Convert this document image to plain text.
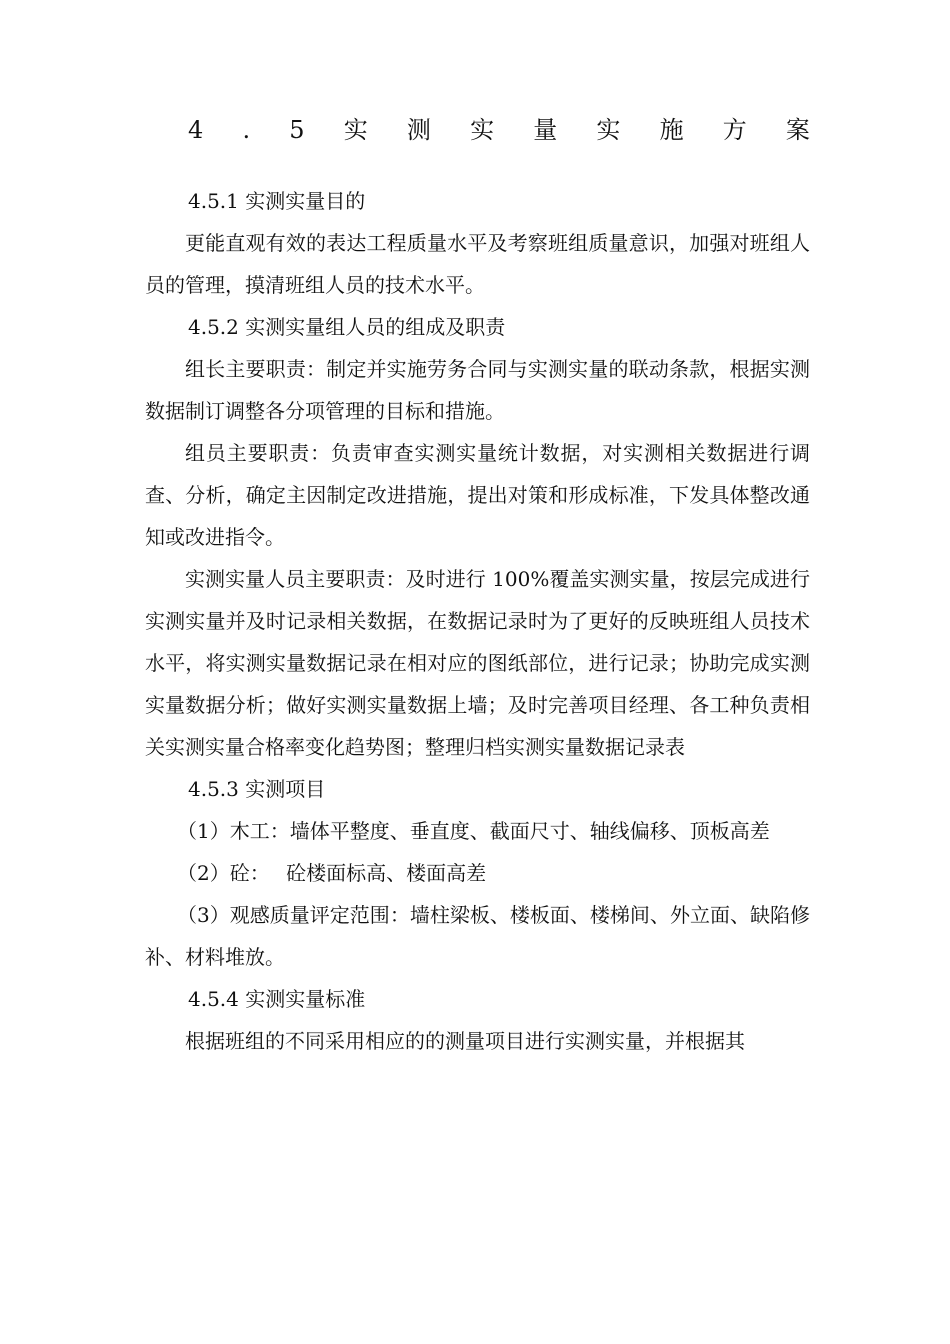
4 . 5 实 测 实 量 实 施 方 案

4.5.1 实测实量目的

更能直观有效的表达工程质量水平及考察班组质量意识，加强对班组人员的管理，摸清班组人员的技术水平。

4.5.2 实测实量组人员的组成及职责

组长主要职责：制定并实施劳务合同与实测实量的联动条款，根据实测数据制订调整各分项管理的目标和措施。

组员主要职责：负责审查实测实量统计数据，对实测相关数据进行调查、分析，确定主因制定改进措施，提出对策和形成标准，下发具体整改通知或改进指令。

实测实量人员主要职责：及时进行 100%覆盖实测实量，按层完成进行实测实量并及时记录相关数据，在数据记录时为了更好的反映班组人员技术水平，将实测实量数据记录在相对应的图纸部位，进行记录；协助完成实测实量数据分析；做好实测实量数据上墙；及时完善项目经理、各工种负责相关实测实量合格率变化趋势图；整理归档实测实量数据记录表

4.5.3 实测项目

（1）木工：墙体平整度、垂直度、截面尺寸、轴线偏移、顶板高差

（2）砼：　 砼楼面标高、楼面高差

（3）观感质量评定范围：墙柱梁板、楼板面、楼梯间、外立面、缺陷修补、材料堆放。

4.5.4 实测实量标准

根据班组的不同采用相应的的测量项目进行实测实量，并根据其
